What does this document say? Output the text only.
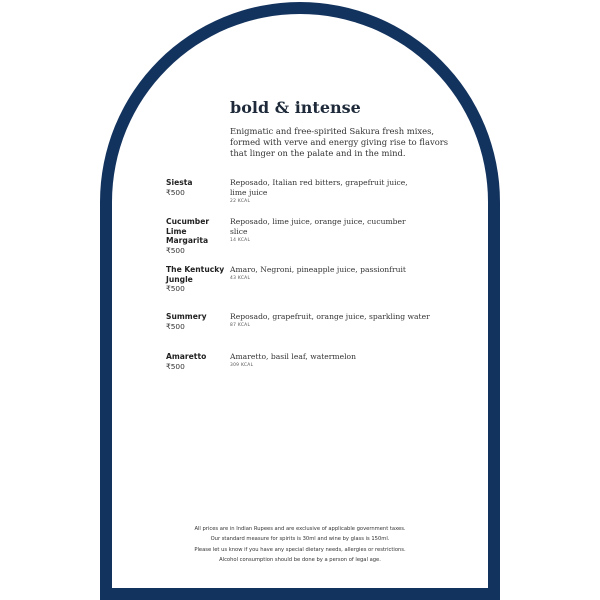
bold & intense
Enigmatic and free-spirited Sakura fresh mixes, formed with verve and energy giving rise to flavors that linger on the palate and in the mind.
Siesta
₹500
Reposado, Italian red bitters, grapefruit juice, lime juice
22 KCAL
Cucumber Lime Margarita
₹500
Reposado, lime juice, orange juice, cucumber slice
14 KCAL
The Kentucky Jungle
₹500
Amaro, Negroni, pineapple juice, passionfruit
43 KCAL
Summery
₹500
Reposado, grapefruit, orange juice, sparkling water
87 KCAL
Amaretto
₹500
Amaretto, basil leaf, watermelon
309 KCAL
All prices are in Indian Rupees and are exclusive of applicable government taxes.
Our standard measure for spirits is 30ml and wine by glass is 150ml.
Please let us know if you have any special dietary needs, allergies or restrictions.
Alcohol consumption should be done by a person of legal age.
